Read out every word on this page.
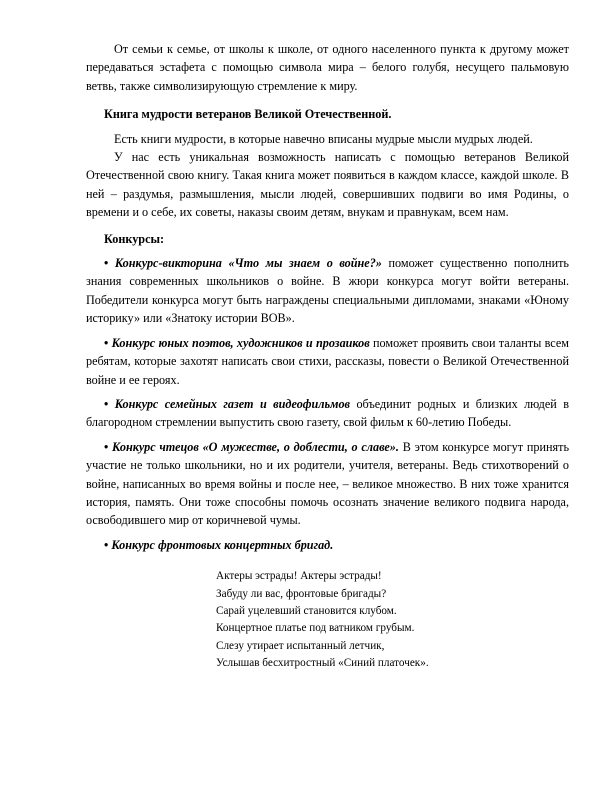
От семьи к семье, от школы к школе, от одного населенного пункта к другому может передаваться эстафета с помощью символа мира – белого голубя, несущего пальмовую ветвь, также символизирующую стремление к миру.

Книга мудрости ветеранов Великой Отечественной.

Есть книги мудрости, в которые навечно вписаны мудрые мысли мудрых людей.

У нас есть уникальная возможность написать с помощью ветеранов Великой Отечественной свою книгу. Такая книга может появиться в каждом классе, каждой школе. В ней – раздумья, размышления, мысли людей, совершивших подвиги во имя Родины, о времени и о себе, их советы, наказы своим детям, внукам и правнукам, всем нам.

Конкурсы:

• Конкурс-викторина «Что мы знаем о войне?» поможет существенно пополнить знания современных школьников о войне. В жюри конкурса могут войти ветераны. Победители конкурса могут быть награждены специальными дипломами, знаками «Юному историку» или «Знатоку истории ВОВ».

• Конкурс юных поэтов, художников и прозаиков поможет проявить свои таланты всем ребятам, которые захотят написать свои стихи, рассказы, повести о Великой Отечественной войне и ее героях.

• Конкурс семейных газет и видеофильмов объединит родных и близких людей в благородном стремлении выпустить свою газету, свой фильм к 60-летию Победы.

• Конкурс чтецов «О мужестве, о доблести, о славе». В этом конкурсе могут принять участие не только школьники, но и их родители, учителя, ветераны. Ведь стихотворений о войне, написанных во время войны и после нее, – великое множество. В них тоже хранится история, память. Они тоже способны помочь осознать значение великого подвига народа, освободившего мир от коричневой чумы.

• Конкурс фронтовых концертных бригад.

Актеры эстрады! Актеры эстрады!
Забуду ли вас, фронтовые бригады?
Сарай уцелевший становится клубом.
Концертное платье под ватником грубым.
Слезу утирает испытанный летчик,
Услышав бесхитростный «Синий платочек».
